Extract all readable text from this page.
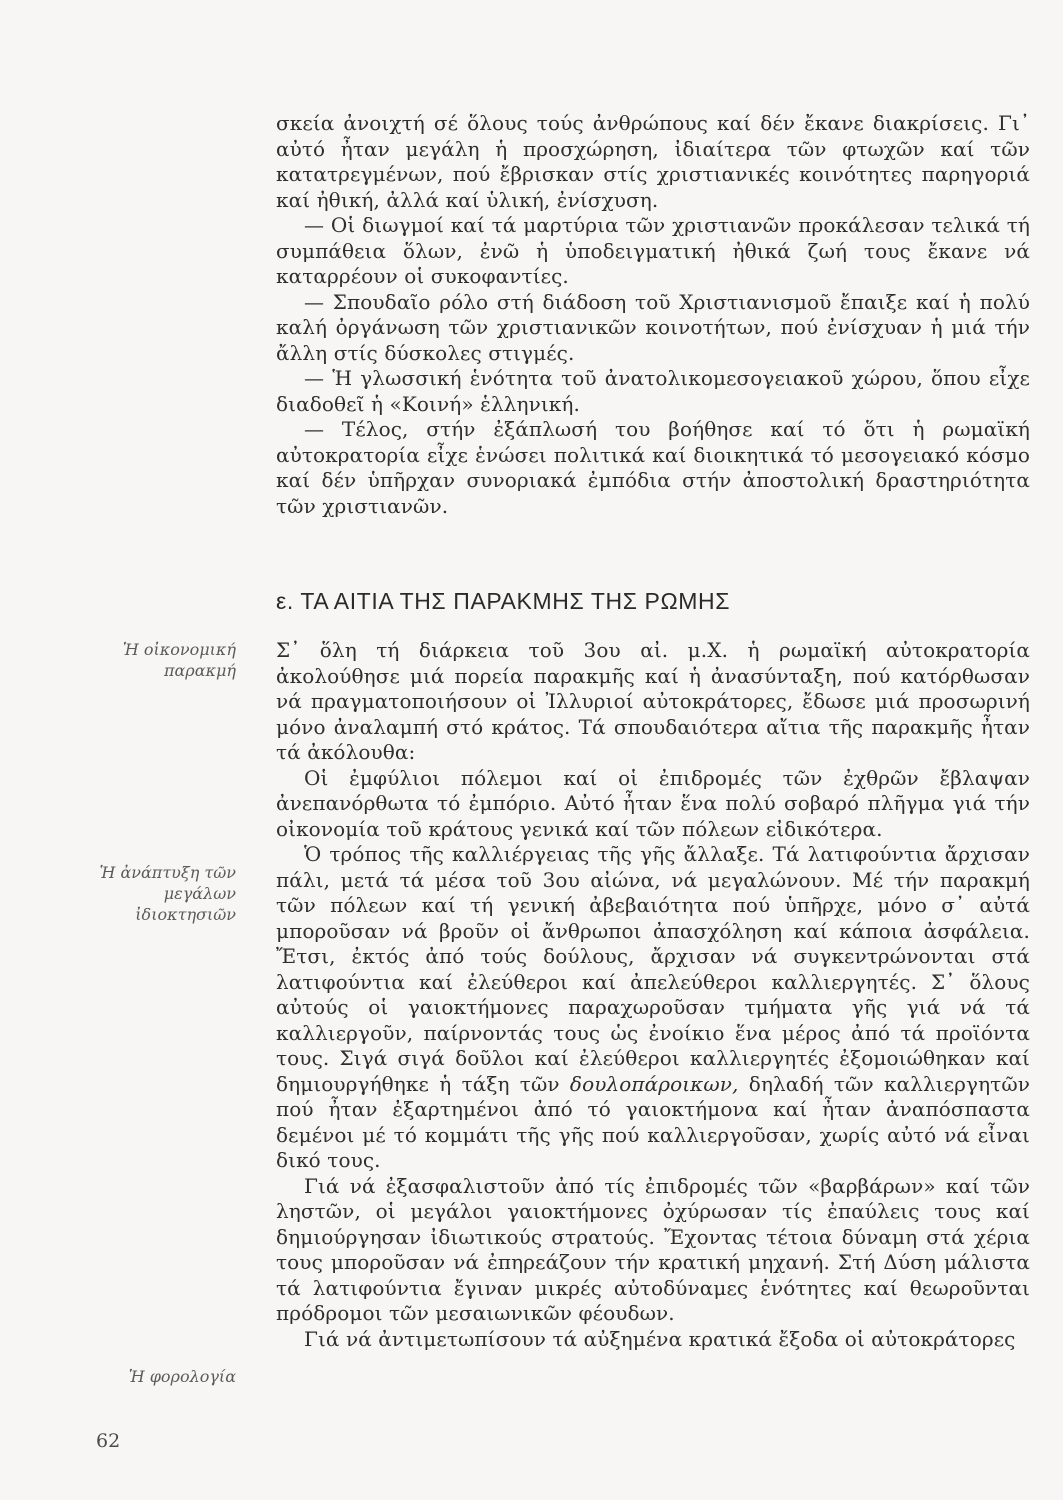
σκεία ἀνοιχτή σέ ὅλους τούς ἀνθρώπους καί δέν ἔκανε διακρίσεις. Γι᾽ αὐτό ἦταν μεγάλη ἡ προσχώρηση, ἰδιαίτερα τῶν φτωχῶν καί τῶν κατατρεγμένων, πού ἔβρισκαν στίς χριστιανικές κοινότητες παρηγοριά καί ἠθική, ἀλλά καί ὑλική, ἐνίσχυση.

— Οἱ διωγμοί καί τά μαρτύρια τῶν χριστιανῶν προκάλεσαν τελικά τή συμπάθεια ὅλων, ἐνῶ ἡ ὑποδειγματική ἠθικά ζωή τους ἔκανε νά καταρρέουν οἱ συκοφαντίες.

— Σπουδαῖο ρόλο στή διάδοση τοῦ Χριστιανισμοῦ ἔπαιξε καί ἡ πολύ καλή ὀργάνωση τῶν χριστιανικῶν κοινοτήτων, πού ἐνίσχυαν ἡ μιά τήν ἄλλη στίς δύσκολες στιγμές.

— Ἡ γλωσσική ἑνότητα τοῦ ἀνατολικομεσογειακοῦ χώρου, ὅπου εἶχε διαδοθεῖ ἡ «Κοινή» ἑλληνική.

— Τέλος, στήν ἐξάπλωσή του βοήθησε καί τό ὅτι ἡ ρωμαϊκή αὐτοκρατορία εἶχε ἑνώσει πολιτικά καί διοικητικά τό μεσογειακό κόσμο καί δέν ὑπῆρχαν συνοριακά ἐμπόδια στήν ἀποστολική δραστηριότητα τῶν χριστιανῶν.

ε. ΤΑ ΑΙΤΙΑ ΤΗΣ ΠΑΡΑΚΜΗΣ ΤΗΣ ΡΩΜΗΣ

Σ᾽ ὅλη τή διάρκεια τοῦ 3ου αἰ. μ.Χ. ἡ ρωμαϊκή αὐτοκρατορία ἀκολούθησε μιά πορεία παρακμῆς καί ἡ ἀνασύνταξη, πού κατόρθωσαν νά πραγματοποιήσουν οἱ Ἰλλυριοί αὐτοκράτορες, ἔδωσε μιά προσωρινή μόνο ἀναλαμπή στό κράτος. Τά σπουδαιότερα αἴτια τῆς παρακμῆς ἦταν τά ἀκόλουθα:

Οἱ ἐμφύλιοι πόλεμοι καί οἱ ἐπιδρομές τῶν ἐχθρῶν ἔβλαψαν ἀνεπανόρθωτα τό ἐμπόριο. Αὐτό ἦταν ἕνα πολύ σοβαρό πλῆγμα γιά τήν οἰκονομία τοῦ κράτους γενικά καί τῶν πόλεων εἰδικότερα.

Ὁ τρόπος τῆς καλλιέργειας τῆς γῆς ἄλλαξε. Τά λατιφούντια ἄρχισαν πάλι, μετά τά μέσα τοῦ 3ου αἰώνα, νά μεγαλώνουν. Μέ τήν παρακμή τῶν πόλεων καί τή γενική ἀβεβαιότητα πού ὑπῆρχε, μόνο σ᾽ αὐτά μποροῦσαν νά βροῦν οἱ ἄνθρωποι ἀπασχόληση καί κάποια ἀσφάλεια. Ἔτσι, ἐκτός ἀπό τούς δούλους, ἄρχισαν νά συγκεντρώνονται στά λατιφούντια καί ἐλεύθεροι καί ἀπελεύθεροι καλλιεργητές. Σ᾽ ὅλους αὐτούς οἱ γαιοκτήμονες παραχωροῦσαν τμήματα γῆς γιά νά τά καλλιεργοῦν, παίρνοντάς τους ὡς ἐνοίκιο ἕνα μέρος ἀπό τά προϊόντα τους. Σιγά σιγά δοῦλοι καί ἐλεύθεροι καλλιεργητές ἐξομοιώθηκαν καί δημιουργήθηκε ἡ τάξη τῶν δουλοπάροικων, δηλαδή τῶν καλλιεργητῶν πού ἦταν ἐξαρτημένοι ἀπό τό γαιοκτήμονα καί ἦταν ἀναπόσπαστα δεμένοι μέ τό κομμάτι τῆς γῆς πού καλλιεργοῦσαν, χωρίς αὐτό νά εἶναι δικό τους.

Γιά νά ἐξασφαλιστοῦν ἀπό τίς ἐπιδρομές τῶν «βαρβάρων» καί τῶν ληστῶν, οἱ μεγάλοι γαιοκτήμονες ὀχύρωσαν τίς ἐπαύλεις τους καί δημιούργησαν ἰδιωτικούς στρατούς. Ἔχοντας τέτοια δύναμη στά χέρια τους μποροῦσαν νά ἐπηρεάζουν τήν κρατική μηχανή. Στή Δύση μάλιστα τά λατιφούντια ἔγιναν μικρές αὐτοδύναμες ἑνότητες καί θεωροῦνται πρόδρομοι τῶν μεσαιωνικῶν φέουδων.

Γιά νά ἀντιμετωπίσουν τά αὐξημένα κρατικά ἔξοδα οἱ αὐτοκράτορες

Ἡ οἰκονομική παρακμή
Ἡ ἀνάπτυξη τῶν μεγάλων ἰδιοκτησιῶν
Ἡ φορολογία
62
